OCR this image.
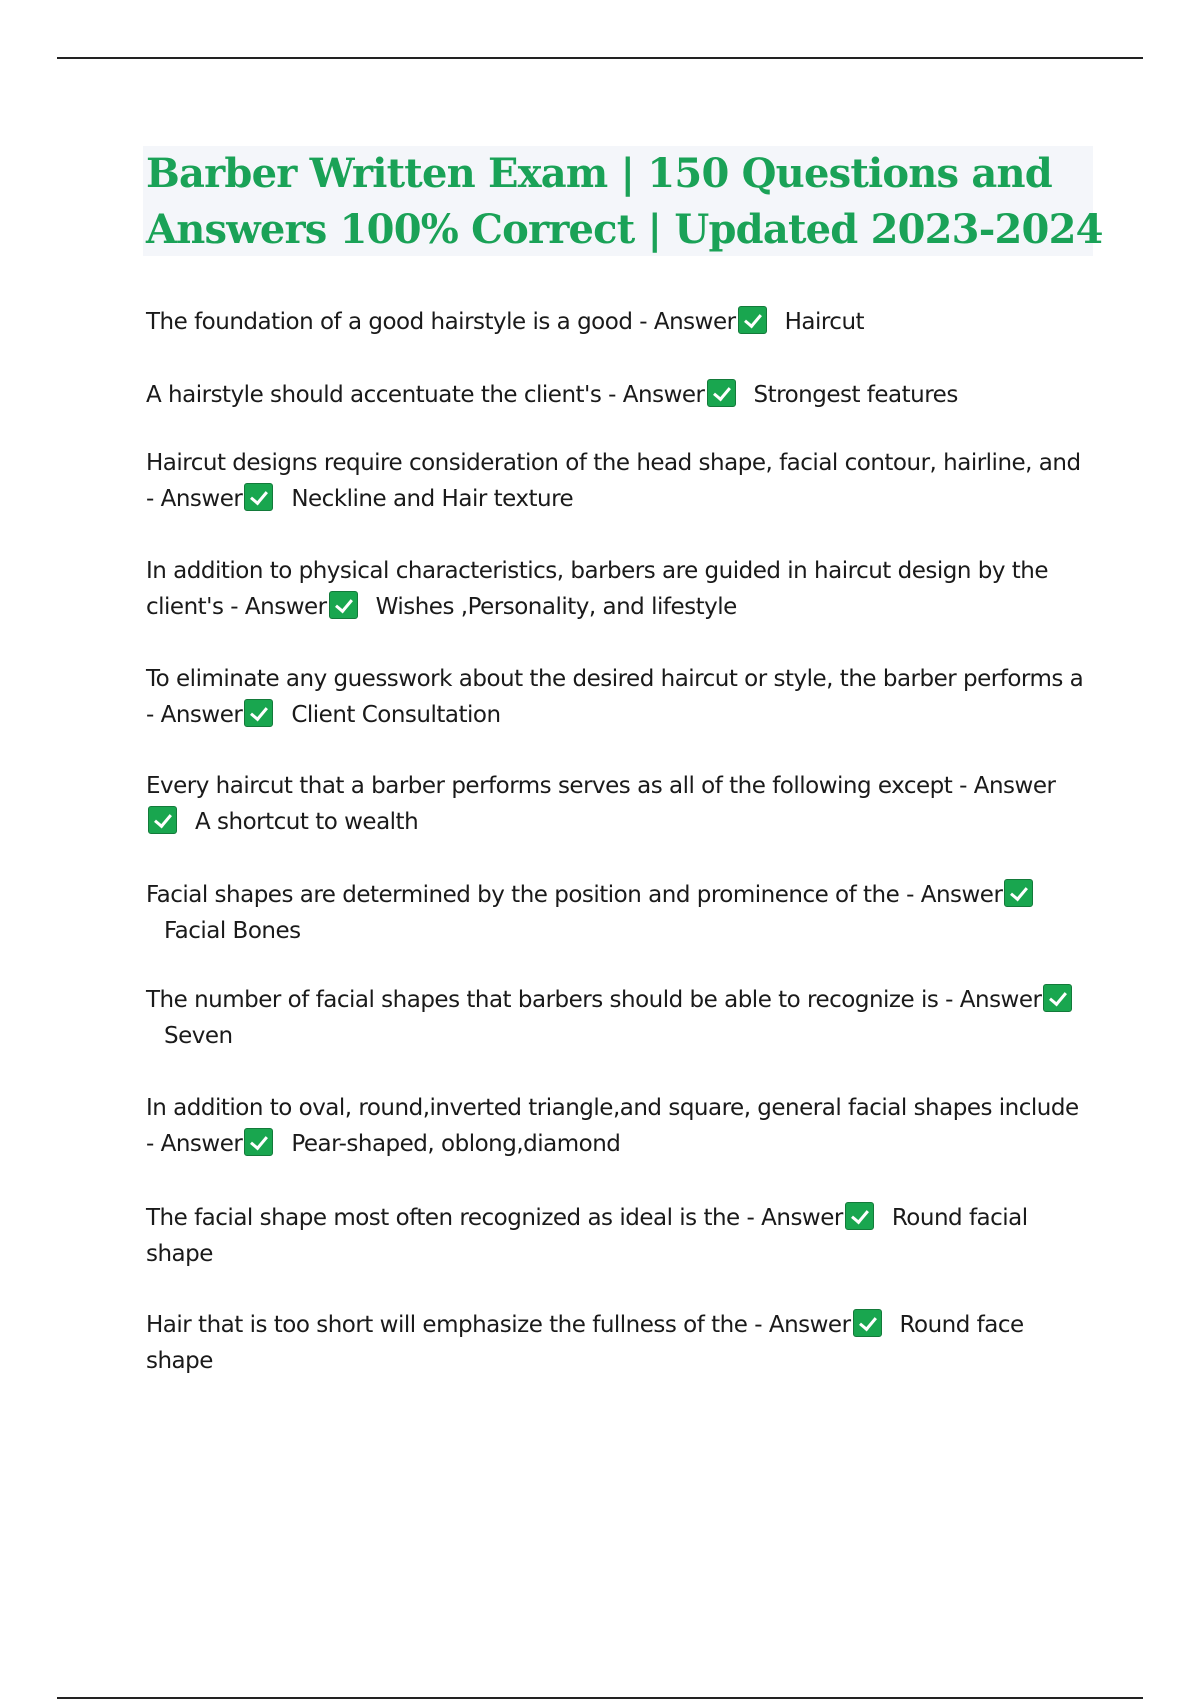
Barber Written Exam | 150 Questions and
Answers 100% Correct | Updated 2023-2024

The foundation of a good hairstyle is a good - Answer Haircut

A hairstyle should accentuate the client's - Answer Strongest features

Haircut designs require consideration of the head shape, facial contour, hairline, and - Answer Neckline and Hair texture

In addition to physical characteristics, barbers are guided in haircut design by the client's - Answer Wishes ,Personality, and lifestyle

To eliminate any guesswork about the desired haircut or style, the barber performs a - Answer Client Consultation

Every haircut that a barber performs serves as all of the following except - AnswerA shortcut to wealth

Facial shapes are determined by the position and prominence of the - AnswerFacial Bones

The number of facial shapes that barbers should be able to recognize is - AnswerSeven

In addition to oval, round,inverted triangle,and square, general facial shapes include - Answer Pear-shaped, oblong,diamond

The facial shape most often recognized as ideal is the - Answer Round facial shape

Hair that is too short will emphasize the fullness of the - Answer Round face shape
